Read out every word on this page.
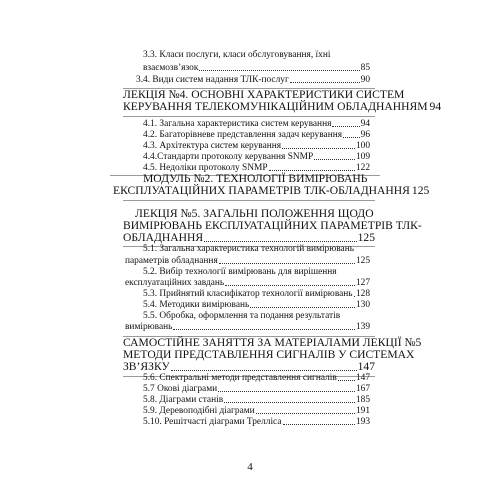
3.3. Класи послуги, класи обслуговування, їхні
взаємозв’язок	85
3.4. Види систем надання ТЛК-послуг	90
ЛЕКЦІЯ №4. ОСНОВНІ ХАРАКТЕРИСТИКИ СИСТЕМ
КЕРУВАННЯ ТЕЛЕКОМУНІКАЦІЙНИМ ОБЛАДНАННЯМ 94
4.1. Загальна характеристика систем керування	94
4.2. Багаторівневе представлення задач керування 96
4.3. Архітектура систем керування	100
4.4.Стандарти протоколу керування SNMP	109
4.5. Недоліки протоколу SNMP	122
МОДУЛЬ №2. ТЕХНОЛОГІЇ ВИМІРЮВАНЬ
ЕКСПЛУАТАЦІЙНИХ ПАРАМЕТРІВ ТЛК-ОБЛАДНАННЯ 125
ЛЕКЦІЯ №5. ЗАГАЛЬНІ ПОЛОЖЕННЯ ЩОДО
ВИМІРЮВАНЬ ЕКСПЛУАТАЦІЙНИХ ПАРАМЕТРІВ ТЛК-
ОБЛАДНАННЯ	125
5.1. Загальна характеристика технологій вимірювань
параметрів обладнання	125
5.2. Вибір технології вимірювань для вирішення
експлуатаційних завдань	127
5.3. Прийнятий класифікатор технології вимірювань 128
5.4. Методики вимірювань	130
5.5. Обробка, оформлення та подання результатів
вимірювань	139
САМОСТІЙНЕ ЗАНЯТТЯ ЗА МАТЕРІАЛАМИ ЛЕКЦІЇ №5
МЕТОДИ ПРЕДСТАВЛЕННЯ СИГНАЛІВ У СИСТЕМАХ
ЗВ’ЯЗКУ	147
5.6. Спектральні методи представлення сигналів 147
5.7 Окові діаграми	167
5.8. Діаграми станів	185
5.9. Деревоподібні діаграми	191
5.10. Решітчасті діаграми Трелліса	193
4
